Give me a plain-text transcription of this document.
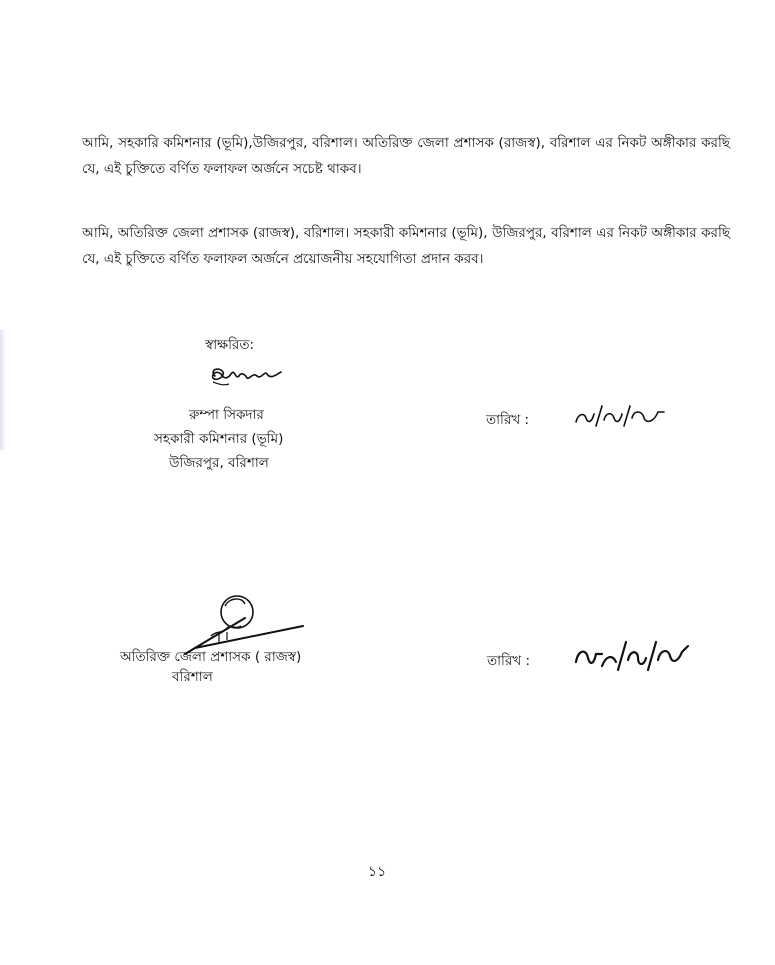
আমি, সহকারি কমিশনার (ভূমি),উজিরপুর, বরিশাল। অতিরিক্ত জেলা প্রশাসক (রাজস্ব), বরিশাল এর নিকট অঙ্গীকার করছি যে, এই চুক্তিতে বর্ণিত ফলাফল অর্জনে সচেষ্ট থাকব।

আমি, অতিরিক্ত জেলা প্রশাসক (রাজস্ব), বরিশাল। সহকারী কমিশনার (ভূমি), উজিরপুর, বরিশাল এর নিকট অঙ্গীকার করছি যে, এই চুক্তিতে বর্ণিত ফলাফল অর্জনে প্রয়োজনীয় সহযোগিতা প্রদান করব।

স্বাক্ষরিত:

রুম্পা সিকদার

সহকারী কমিশনার (ভূমি)

উজিরপুর, বরিশাল

তারিখ :

অতিরিক্ত জেলা প্রশাসক ( রাজস্ব)

বরিশাল

তারিখ :

১১
